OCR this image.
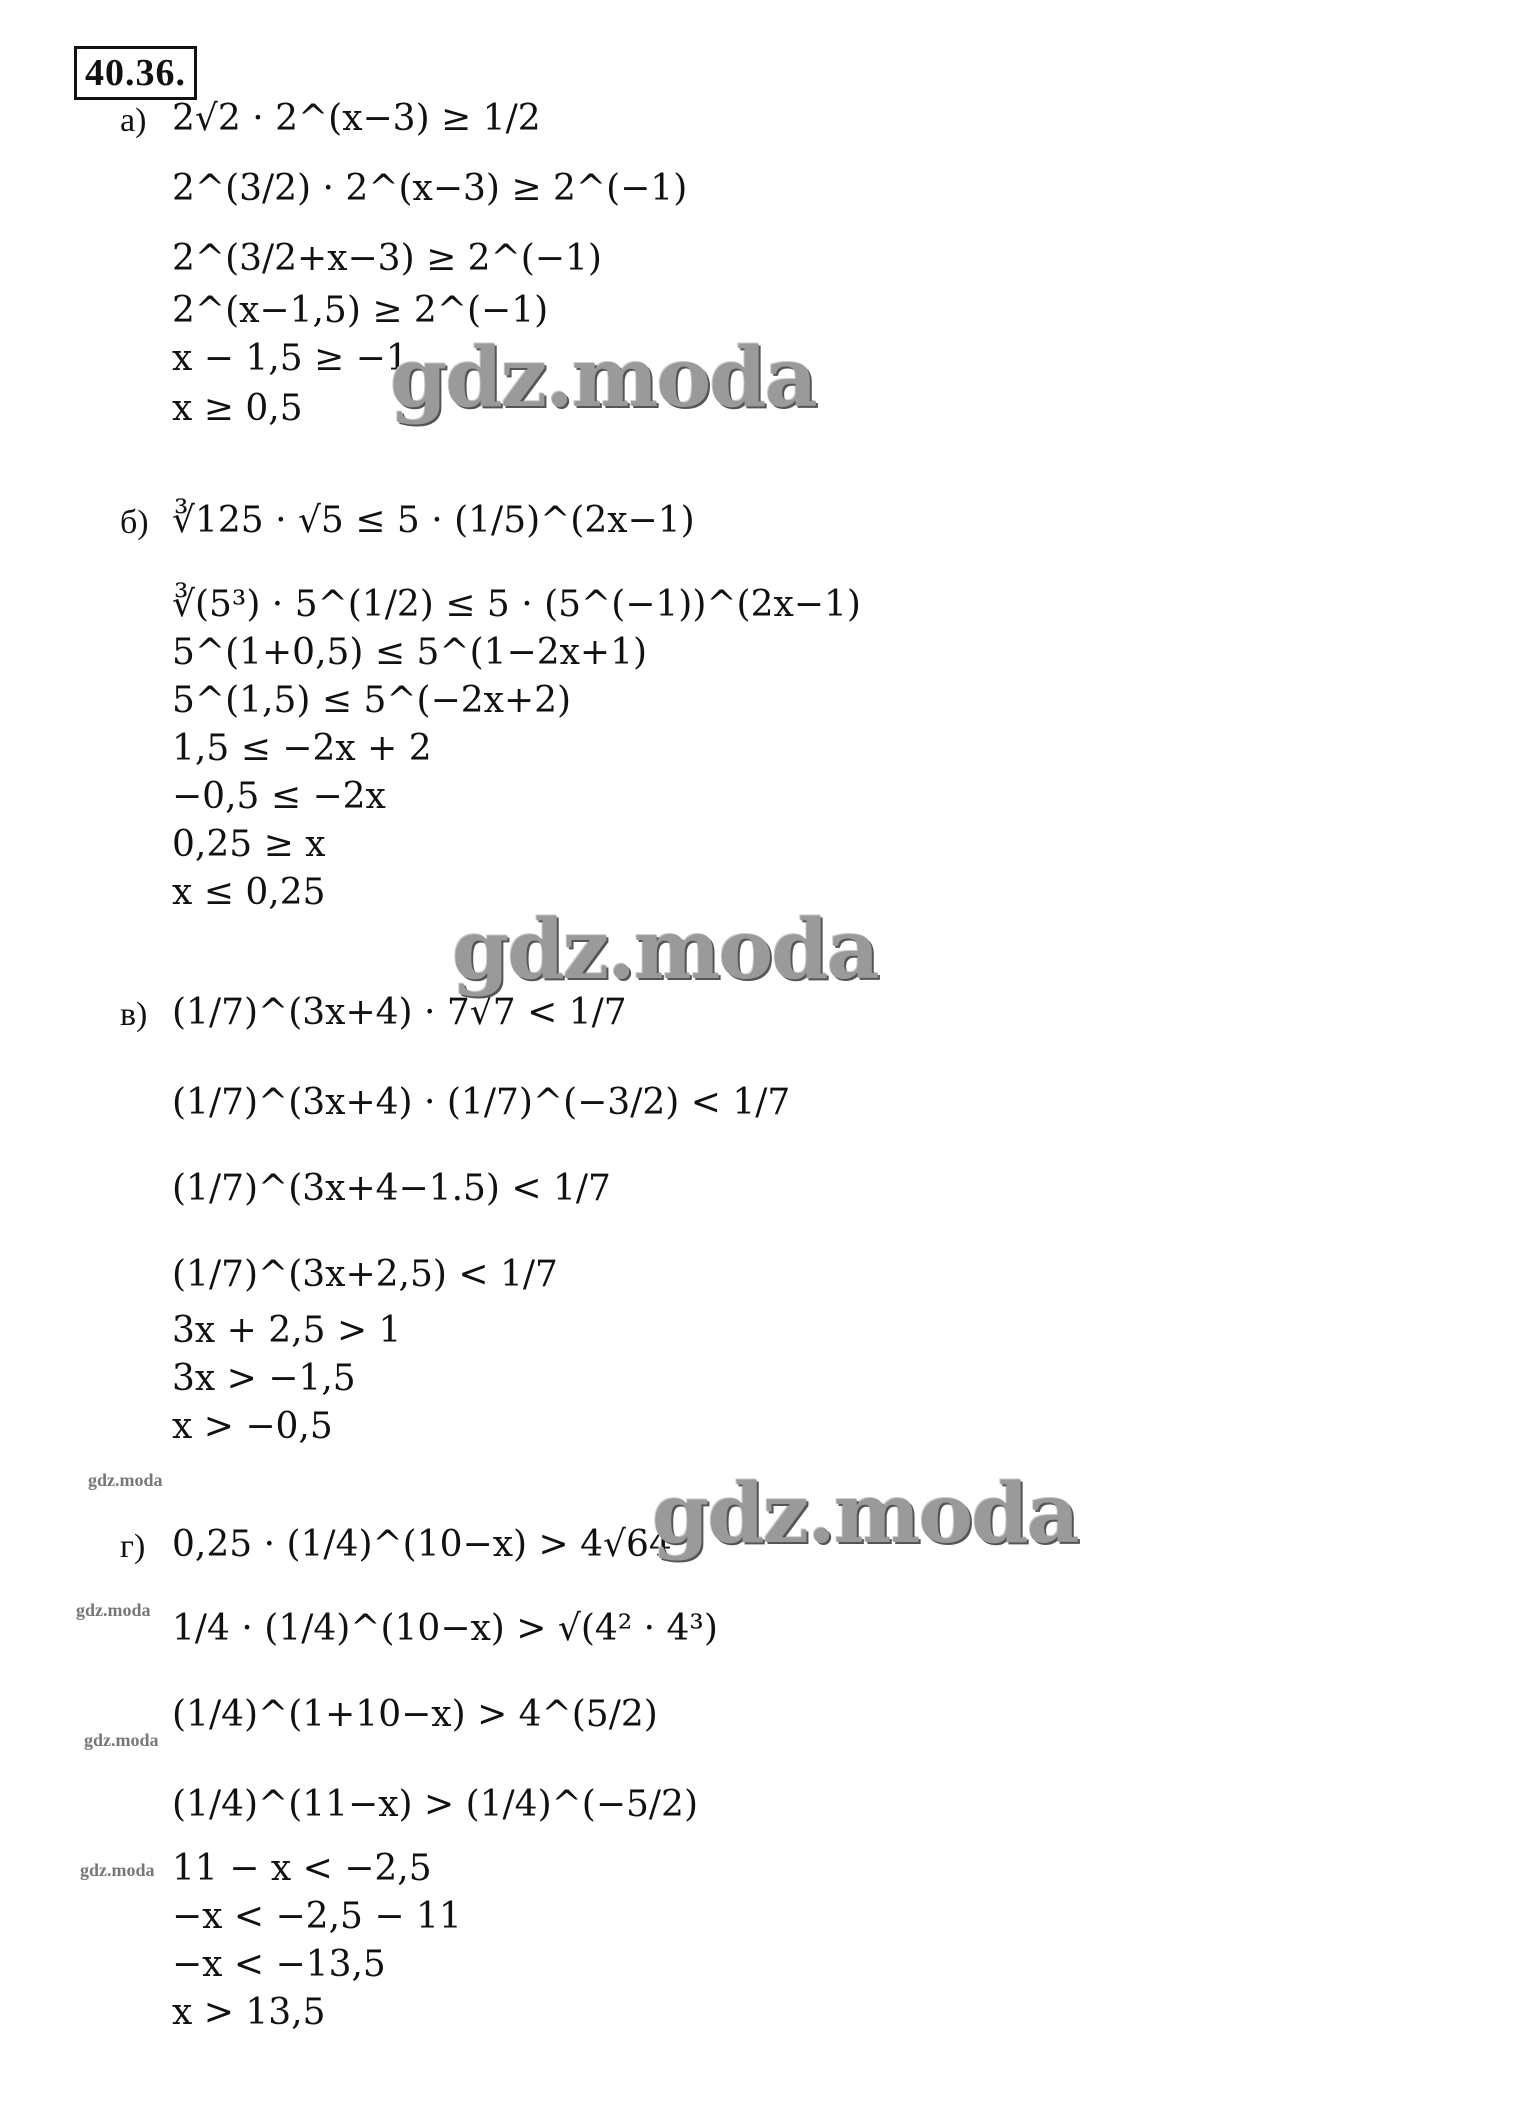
40.36.
а) 2√2 · 2^(x−3) ≥ 1/2
2^(3/2) · 2^(x−3) ≥ 2^(−1)
2^(3/2+x−3) ≥ 2^(−1)
2^(x−1,5) ≥ 2^(−1)
x − 1,5 ≥ −1
x ≥ 0,5
б) ∛125 · √5 ≤ 5 · (1/5)^(2x−1)
∛(5³) · 5^(1/2) ≤ 5 · (5^(−1))^(2x−1)
5^(1+0,5) ≤ 5^(1−2x+1)
5^(1,5) ≤ 5^(−2x+2)
1,5 ≤ −2x + 2
−0,5 ≤ −2x
0,25 ≥ x
x ≤ 0,25
в) (1/7)^(3x+4) · 7√7 < 1/7
(1/7)^(3x+4) · (1/7)^(−3/2) < 1/7
(1/7)^(3x+4−1.5) < 1/7
(1/7)^(3x+2,5) < 1/7
3x + 2,5 > 1
3x > −1,5
x > −0,5
г) 0,25 · (1/4)^(10−x) > 4√64
1/4 · (1/4)^(10−x) > √(4² · 4³)
(1/4)^(1+10−x) > 4^(5/2)
(1/4)^(11−x) > (1/4)^(−5/2)
11 − x < −2,5
−x < −2,5 − 11
−x < −13,5
x > 13,5
gdz.moda
gdz.moda
gdz.moda
gdz.moda
gdz.moda
gdz.moda
gdz.moda
